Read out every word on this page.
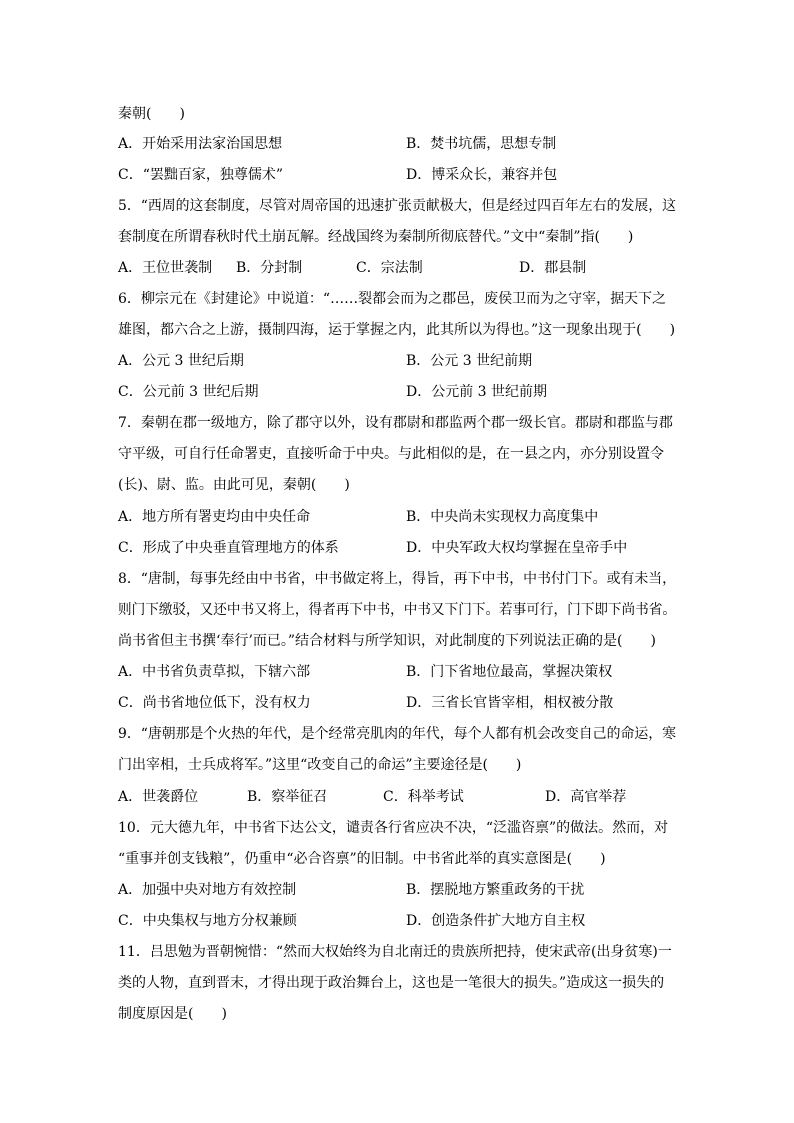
秦朝(　　)
A．开始采用法家治国思想	B．焚书坑儒，思想专制
C．“罢黜百家，独尊儒术”	D．博采众长，兼容并包
5．“西周的这套制度，尽管对周帝国的迅速扩张贡献极大，但是经过四百年左右的发展，这
套制度在所谓春秋时代土崩瓦解。经战国终为秦制所彻底替代。”文中“秦制”指(　　)
A．王位世袭制 B．分封制	C．宗法制	D．郡县制
6．柳宗元在《封建论》中说道：“……裂都会而为之郡邑，废侯卫而为之守宰，据天下之
雄图，都六合之上游，摄制四海，运于掌握之内，此其所以为得也。”这一现象出现于(　　)
A．公元 3 世纪后期	B．公元 3 世纪前期
C．公元前 3 世纪后期	D．公元前 3 世纪前期
7．秦朝在郡一级地方，除了郡守以外，设有郡尉和郡监两个郡一级长官。郡尉和郡监与郡
守平级，可自行任命署吏，直接听命于中央。与此相似的是，在一县之内，亦分别设置令
(长)、尉、监。由此可见，秦朝(　　)
A．地方所有署吏均由中央任命	B．中央尚未实现权力高度集中
C．形成了中央垂直管理地方的体系	D．中央军政大权均掌握在皇帝手中
8．“唐制，每事先经由中书省，中书做定将上，得旨，再下中书，中书付门下。或有未当，
则门下缴驳，又还中书又将上，得者再下中书，中书又下门下。若事可行，门下即下尚书省。
尚书省但主书撰‘奉行’而已。”结合材料与所学知识，对此制度的下列说法正确的是(　　)
A．中书省负责草拟，下辖六部	B．门下省地位最高，掌握决策权
C．尚书省地位低下，没有权力	D．三省长官皆宰相，相权被分散
9．“唐朝那是个火热的年代，是个经常亮肌肉的年代，每个人都有机会改变自己的命运，寒
门出宰相，士兵成将军。”这里“改变自己的命运”主要途径是(　　)
A．世袭爵位	B．察举征召	C．科举考试	D．高官举荐
10．元大德九年，中书省下达公文，谴责各行省应决不决，“泛滥咨禀”的做法。然而，对
“重事并创支钱粮”，仍重申“必合咨禀”的旧制。中书省此举的真实意图是(　　)
A．加强中央对地方有效控制	B．摆脱地方繁重政务的干扰
C．中央集权与地方分权兼顾	D．创造条件扩大地方自主权
11．吕思勉为晋朝惋惜：“然而大权始终为自北南迁的贵族所把持，使宋武帝(出身贫寒)一
类的人物，直到晋末，才得出现于政治舞台上，这也是一笔很大的损失。”造成这一损失的
制度原因是(　　)
